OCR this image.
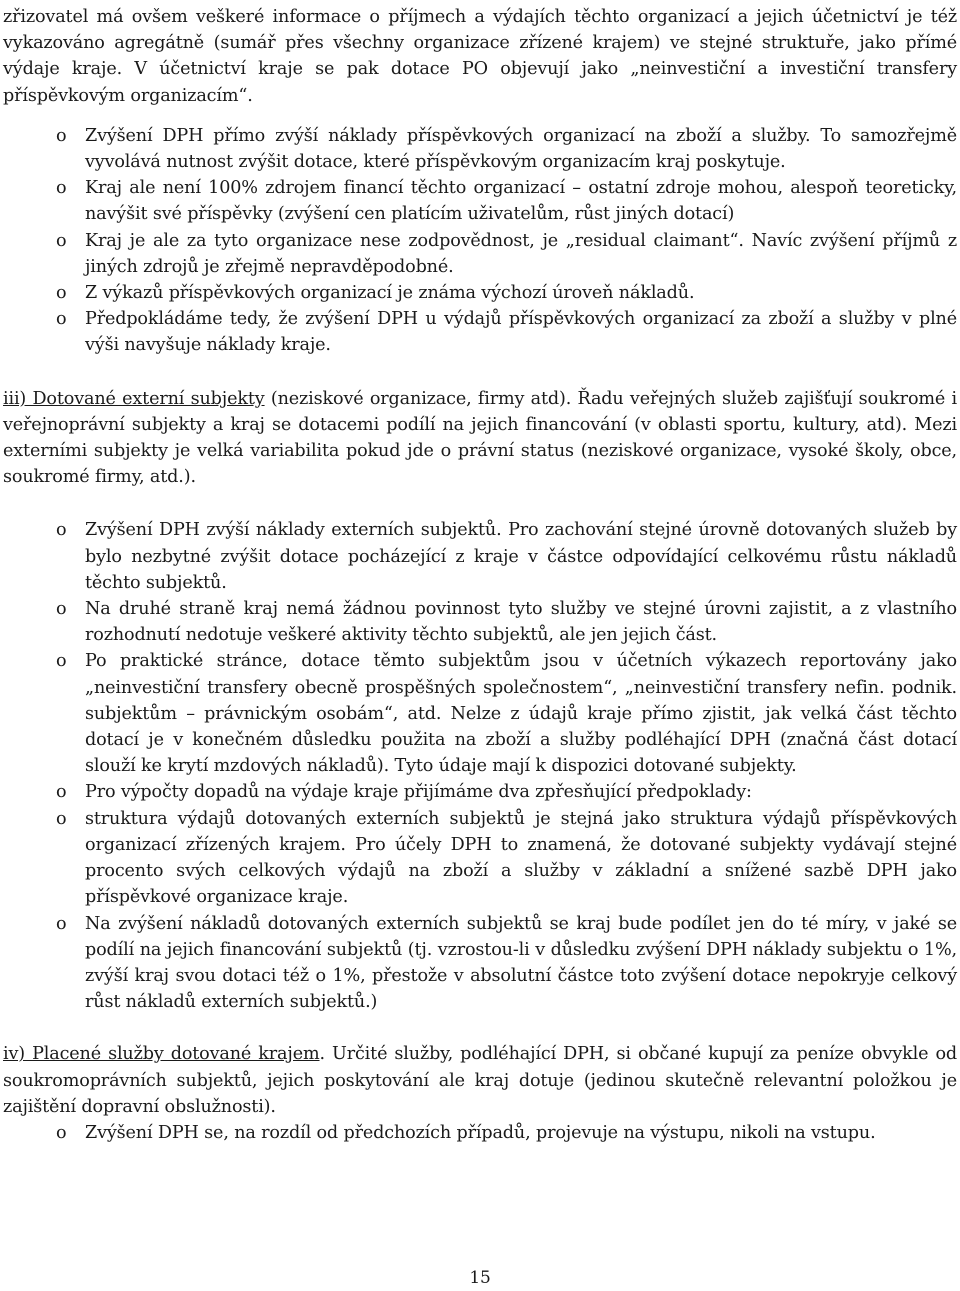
zřizovatel má ovšem veškeré informace o příjmech a výdajích těchto organizací a jejich účetnictví je též vykazováno agregátně (sumář přes všechny organizace zřízené krajem) ve stejné struktuře, jako přímé výdaje kraje. V účetnictví kraje se pak dotace PO objevují jako „neinvestiční a investiční transfery příspěvkovým organizacím“.

o Zvýšení DPH přímo zvýší náklady příspěvkových organizací na zboží a služby. To samozřejmě vyvolává nutnost zvýšit dotace, které příspěvkovým organizacím kraj poskytuje.
o Kraj ale není 100% zdrojem financí těchto organizací – ostatní zdroje mohou, alespoň teoreticky, navýšit své příspěvky (zvýšení cen platícím uživatelům, růst jiných dotací)
o Kraj je ale za tyto organizace nese zodpovědnost, je „residual claimant“. Navíc zvýšení příjmů z jiných zdrojů je zřejmě nepravděpodobné.
o Z výkazů příspěvkových organizací je známa výchozí úroveň nákladů.
o Předpokládáme tedy, že zvýšení DPH u výdajů příspěvkových organizací za zboží a služby v plné výši navyšuje náklady kraje.

iii) Dotované externí subjekty (neziskové organizace, firmy atd). Řadu veřejných služeb zajišťují soukromé i veřejnoprávní subjekty a kraj se dotacemi podílí na jejich financování (v oblasti sportu, kultury, atd). Mezi externími subjekty je velká variabilita pokud jde o právní status (neziskové organizace, vysoké školy, obce, soukromé firmy, atd.).

o Zvýšení DPH zvýší náklady externích subjektů. Pro zachování stejné úrovně dotovaných služeb by bylo nezbytné zvýšit dotace pocházející z kraje v částce odpovídající celkovému růstu nákladů těchto subjektů.
o Na druhé straně kraj nemá žádnou povinnost tyto služby ve stejné úrovni zajistit, a z vlastního rozhodnutí nedotuje veškeré aktivity těchto subjektů, ale jen jejich část.
o Po praktické stránce, dotace těmto subjektům jsou v účetních výkazech reportovány jako „neinvestiční transfery obecně prospěšných společnostem“, „neinvestiční transfery nefin. podnik. subjektům – právnickým osobám“, atd. Nelze z údajů kraje přímo zjistit, jak velká část těchto dotací je v konečném důsledku použita na zboží a služby podléhající DPH (značná část dotací slouží ke krytí mzdových nákladů). Tyto údaje mají k dispozici dotované subjekty.
o Pro výpočty dopadů na výdaje kraje přijímáme dva zpřesňující předpoklady:
o struktura výdajů dotovaných externích subjektů je stejná jako struktura výdajů příspěvkových organizací zřízených krajem. Pro účely DPH to znamená, že dotované subjekty vydávají stejné procento svých celkových výdajů na zboží a služby v základní a snížené sazbě DPH jako příspěvkové organizace kraje.
o Na zvýšení nákladů dotovaných externích subjektů se kraj bude podílet jen do té míry, v jaké se podílí na jejich financování subjektů (tj. vzrostou-li v důsledku zvýšení DPH náklady subjektu o 1%, zvýší kraj svou dotaci též o 1%, přestože v absolutní částce toto zvýšení dotace nepokryje celkový růst nákladů externích subjektů.)

iv) Placené služby dotované krajem. Určité služby, podléhající DPH, si občané kupují za peníze obvykle od soukromoprávních subjektů, jejich poskytování ale kraj dotuje (jedinou skutečně relevantní položkou je zajištění dopravní obslužnosti).

o Zvýšení DPH se, na rozdíl od předchozích případů, projevuje na výstupu, nikoli na vstupu.
15
